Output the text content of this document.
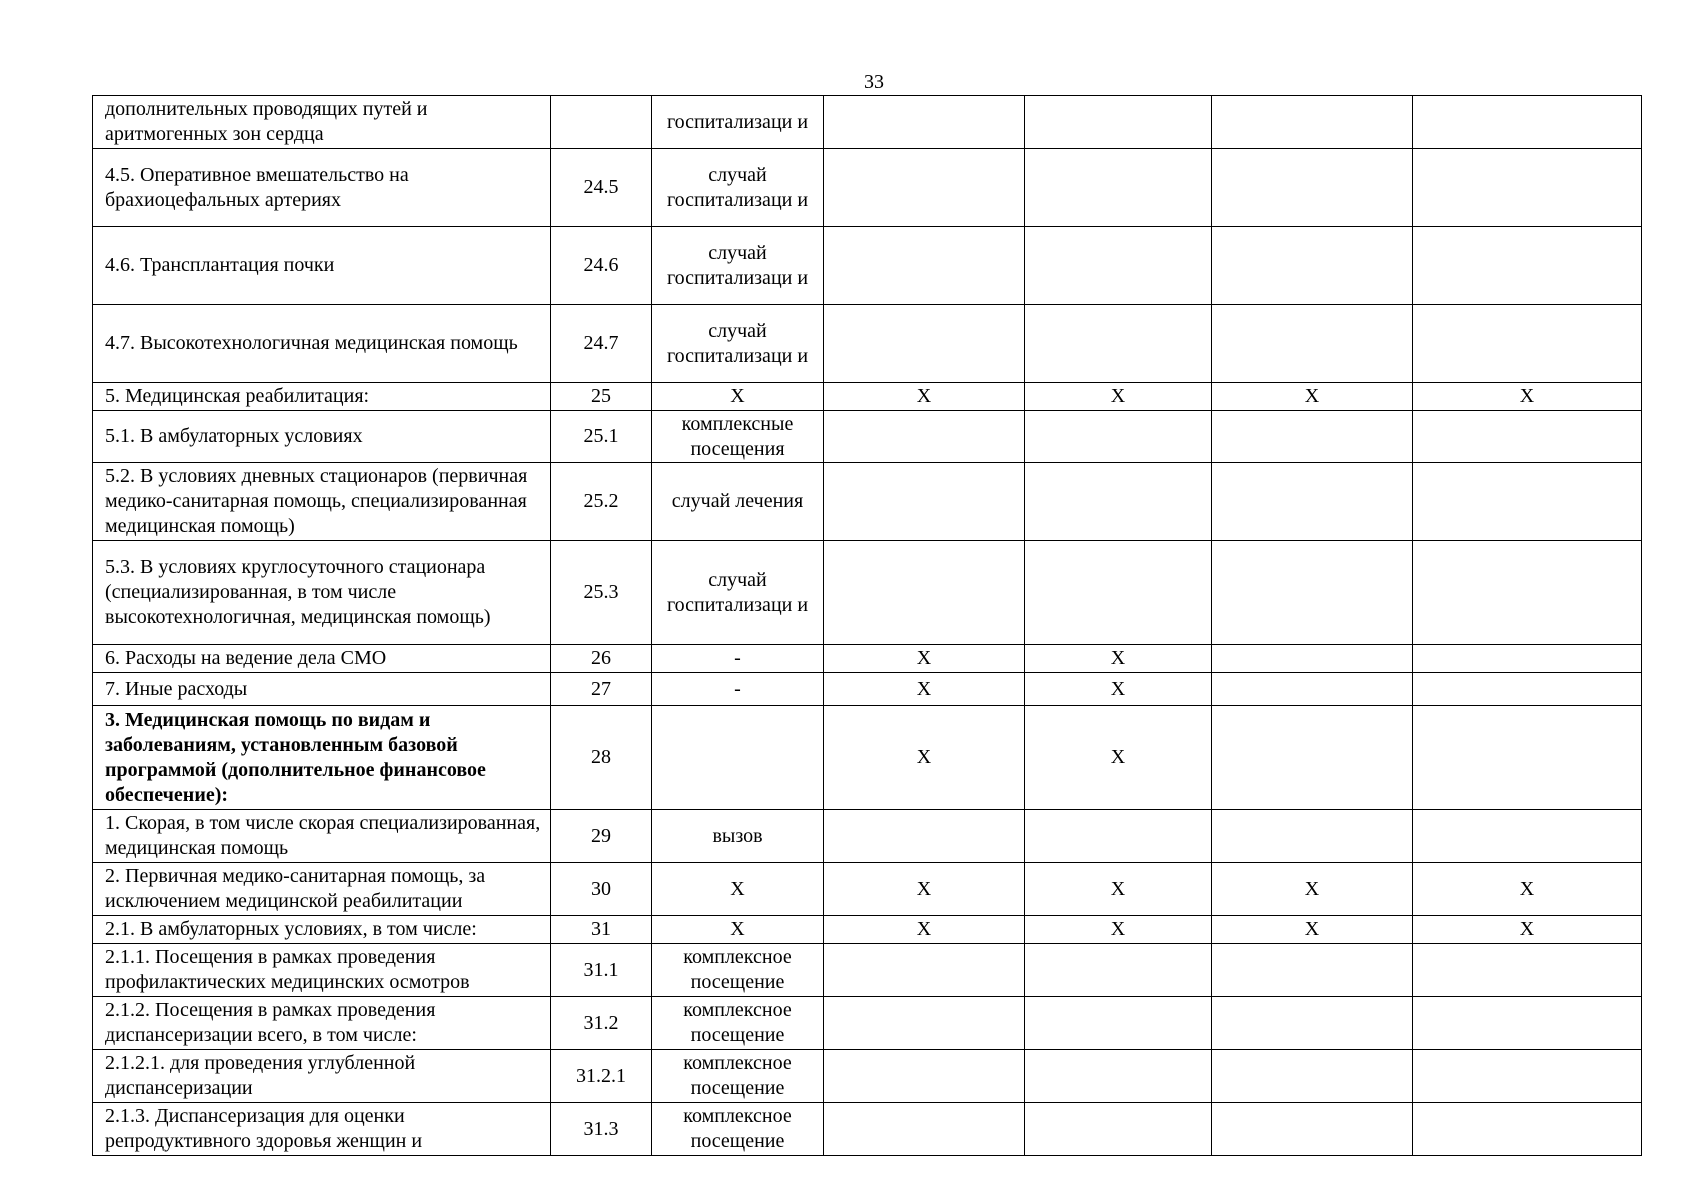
33
дополнительных проводящих путей и аритмогенных зон сердца		госпитализаци и				
4.5. Оперативное вмешательство на брахиоцефальных артериях	24.5	случай госпитализаци и				
4.6. Трансплантация почки	24.6	случай госпитализаци и				
4.7. Высокотехнологичная медицинская помощь	24.7	случай госпитализаци и				
5. Медицинская реабилитация:	25	Х	Х	Х	Х	Х
5.1. В амбулаторных условиях	25.1	комплексные посещения				
5.2. В условиях дневных стационаров (первичная медико-санитарная помощь, специализированная медицинская помощь)	25.2	случай лечения				
5.3. В условиях круглосуточного стационара (специализированная, в том числе высокотехнологичная, медицинская помощь)	25.3	случай госпитализаци и				
6. Расходы на ведение дела СМО	26	-	Х	Х		
7. Иные расходы	27	-	Х	Х		
3. Медицинская помощь по видам и заболеваниям, установленным базовой программой (дополнительное финансовое обеспечение):	28		Х	Х		
1. Скорая, в том числе скорая специализированная, медицинская помощь	29	вызов				
2. Первичная медико-санитарная помощь, за исключением медицинской реабилитации	30	Х	Х	Х	Х	Х
2.1. В амбулаторных условиях, в том числе:	31	Х	Х	Х	Х	Х
2.1.1. Посещения в рамках проведения профилактических медицинских осмотров	31.1	комплексное посещение				
2.1.2. Посещения в рамках проведения диспансеризации всего, в том числе:	31.2	комплексное посещение				
2.1.2.1. для проведения углубленной диспансеризации	31.2.1	комплексное посещение				
2.1.3. Диспансеризация для оценки репродуктивного здоровья женщин и	31.3	комплексное посещение				
